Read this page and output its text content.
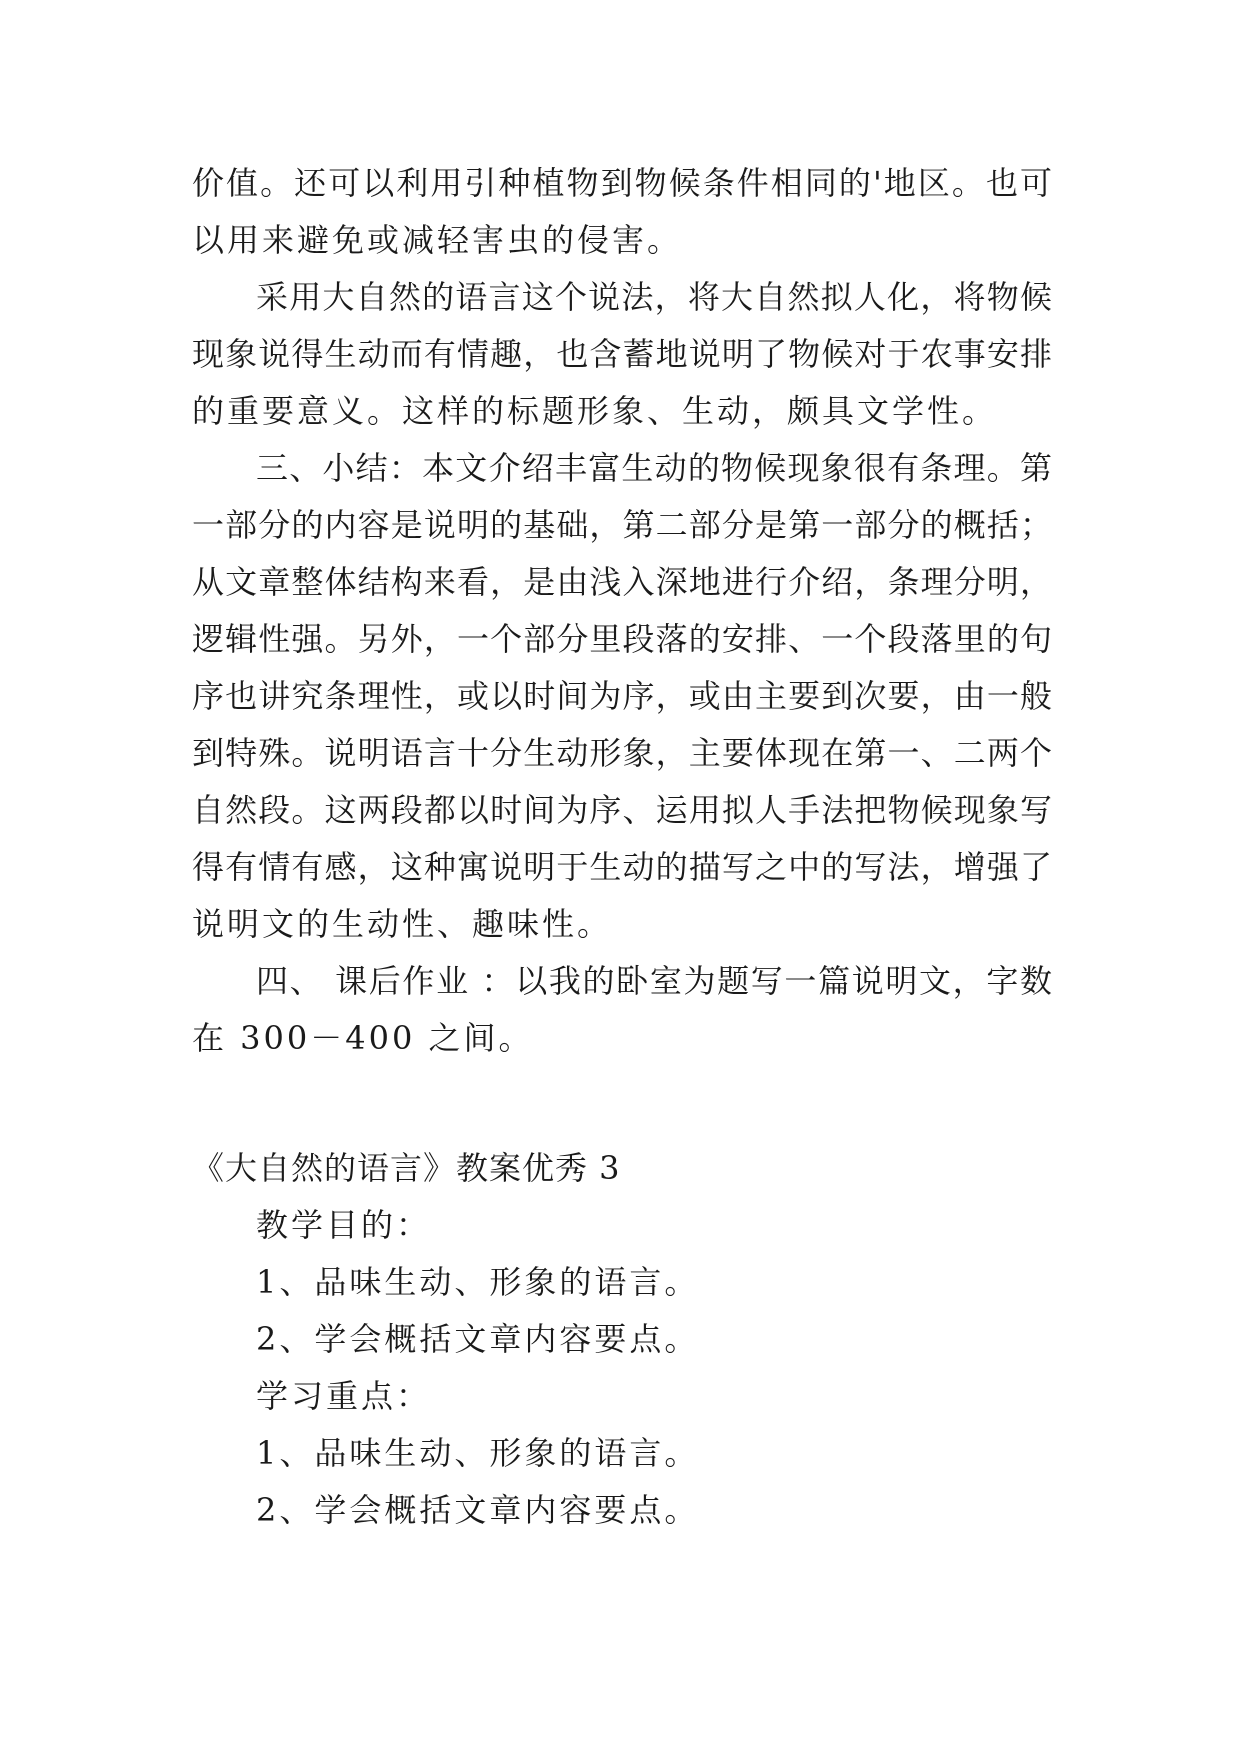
价值。还可以利用引种植物到物候条件相同的'地区。也可
以用来避免或减轻害虫的侵害。
采用大自然的语言这个说法，将大自然拟人化，将物候
现象说得生动而有情趣，也含蓄地说明了物候对于农事安排
的重要意义。这样的标题形象、生动，颇具文学性。
三、小结：本文介绍丰富生动的物候现象很有条理。第
一部分的内容是说明的基础，第二部分是第一部分的概括；
从文章整体结构来看，是由浅入深地进行介绍，条理分明，
逻辑性强。另外，一个部分里段落的安排、一个段落里的句
序也讲究条理性，或以时间为序，或由主要到次要，由一般
到特殊。说明语言十分生动形象，主要体现在第一、二两个
自然段。这两段都以时间为序、运用拟人手法把物候现象写
得有情有感，这种寓说明于生动的描写之中的写法，增强了
说明文的生动性、趣味性。
四、 课后作业 ：以我的卧室为题写一篇说明文，字数
在 300－400 之间。
《大自然的语言》教案优秀 3
教学目的：
1、品味生动、形象的语言。
2、学会概括文章内容要点。
学习重点：
1、品味生动、形象的语言。
2、学会概括文章内容要点。
